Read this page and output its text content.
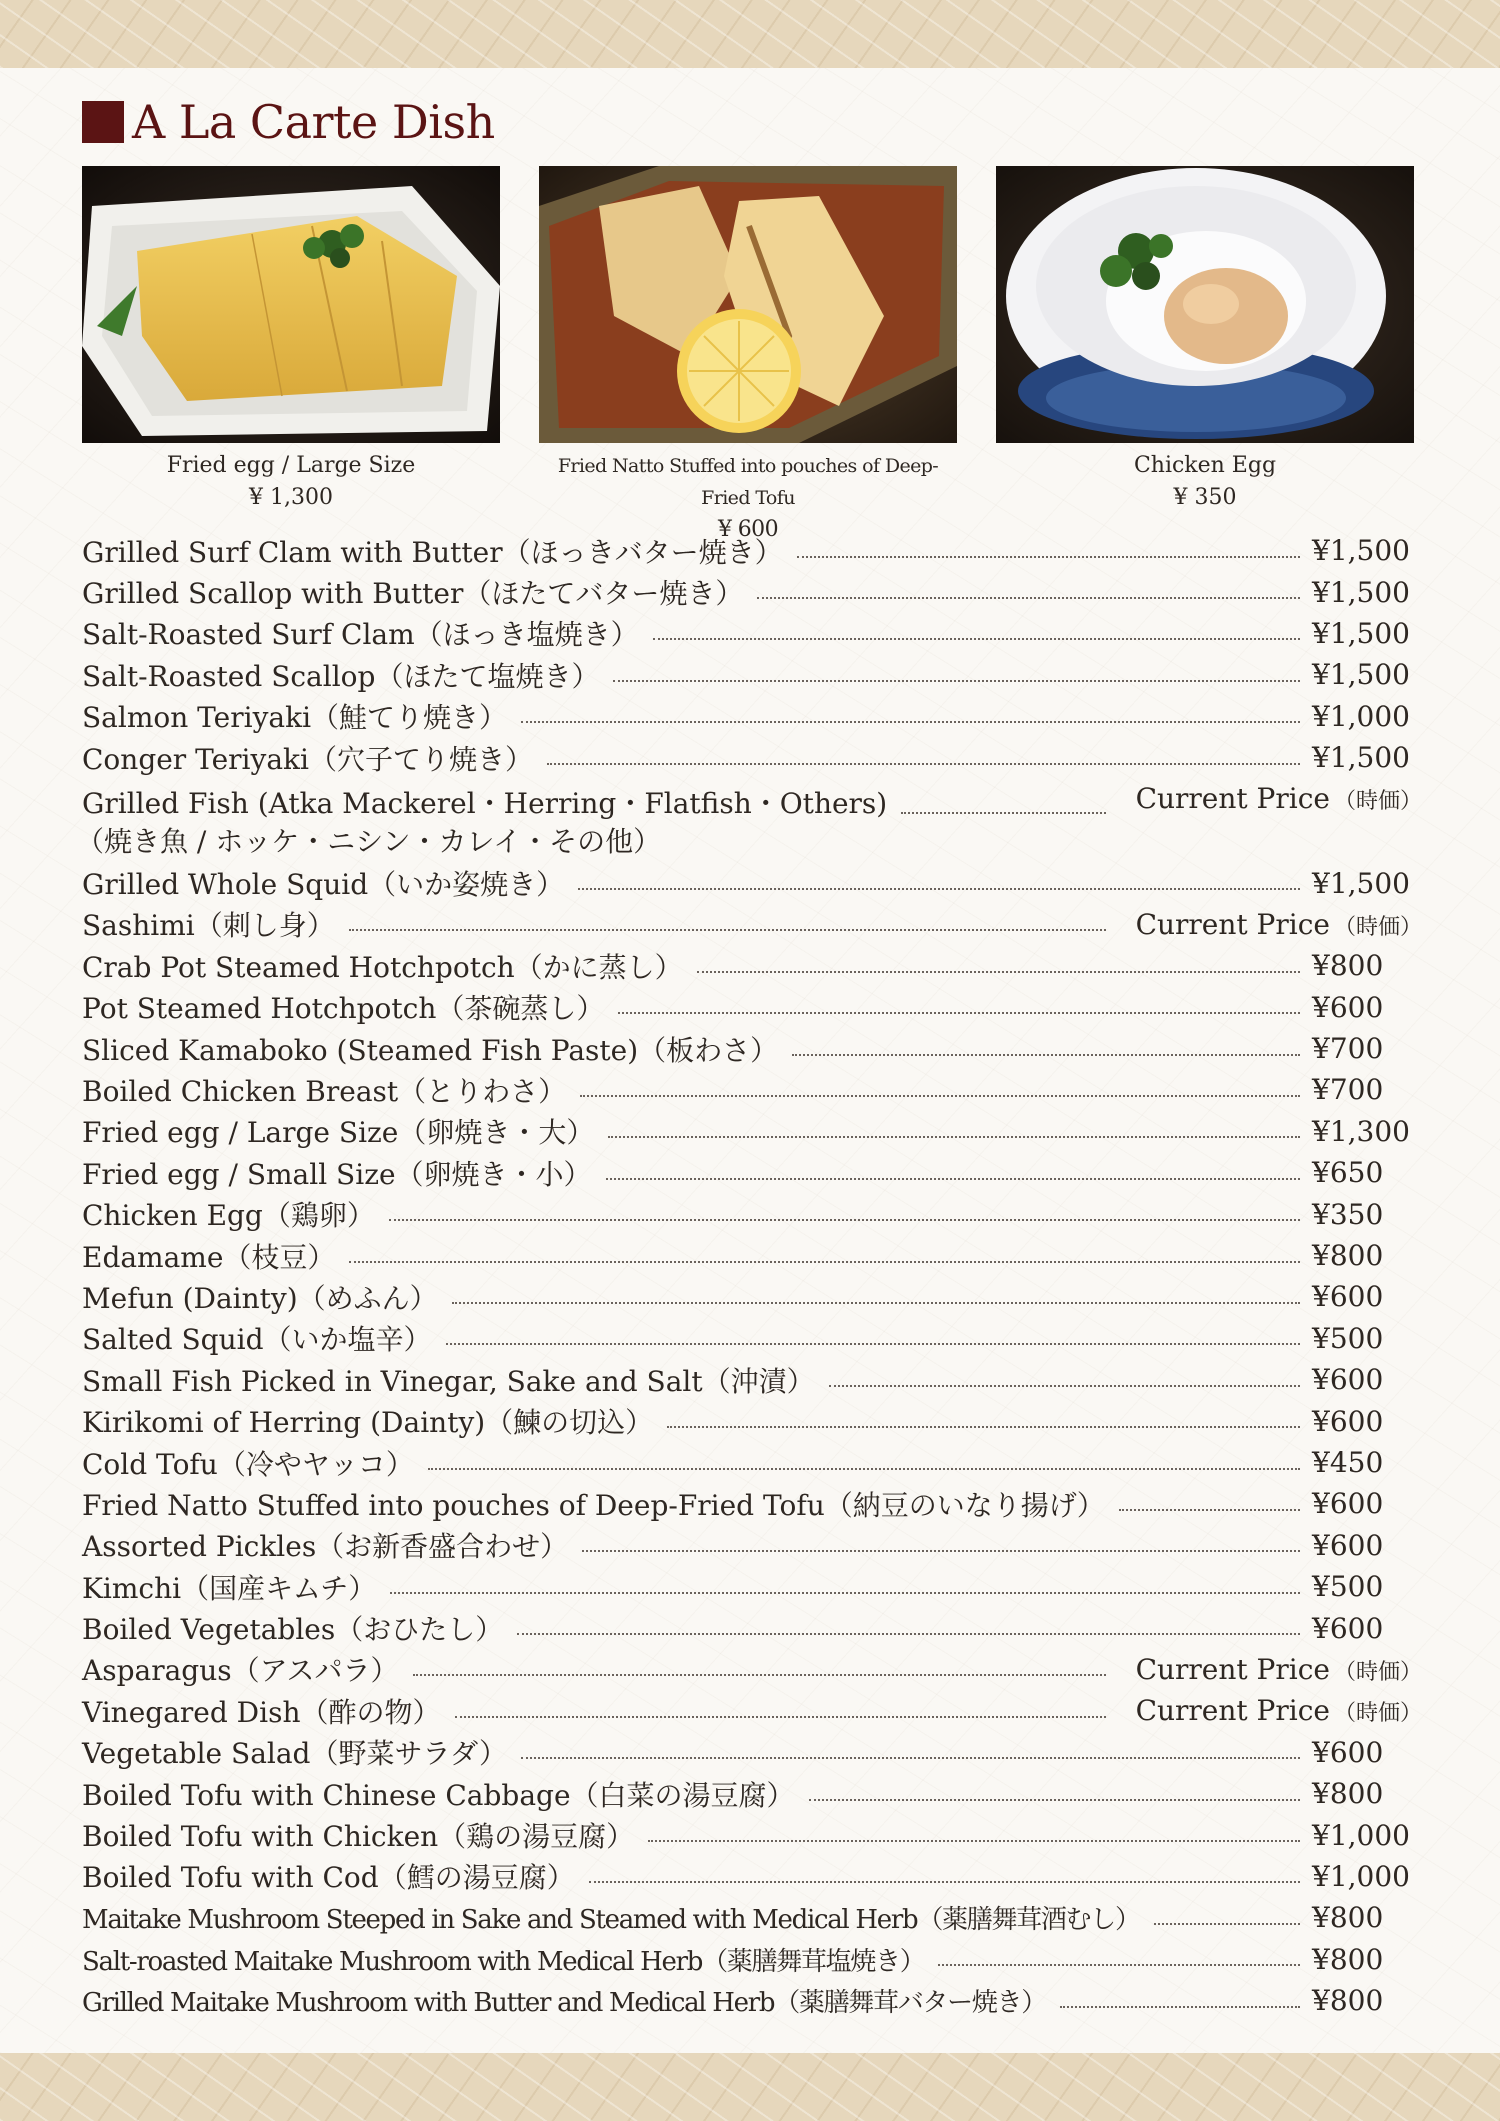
A La Carte Dish
Fried egg / Large Size
¥ 1,300
Fried Natto Stuffed into pouches of Deep-Fried Tofu
¥ 600
Chicken Egg
¥ 350
Grilled Surf Clam with Butter（ほっきバター焼き）	¥1,500
Grilled Scallop with Butter（ほたてバター焼き）	¥1,500
Salt-Roasted Surf Clam（ほっき塩焼き）	¥1,500
Salt-Roasted Scallop（ほたて塩焼き）	¥1,500
Salmon Teriyaki（鮭てり焼き）	¥1,000
Conger Teriyaki（穴子てり焼き）	¥1,500
Grilled Fish (Atka Mackerel・Herring・Flatfish・Others)	Current Price （時価）
（焼き魚 / ホッケ・ニシン・カレイ・その他）
Grilled Whole Squid（いか姿焼き）	¥1,500
Sashimi（刺し身）	Current Price （時価）
Crab Pot Steamed Hotchpotch（かに蒸し）	¥800
Pot Steamed Hotchpotch（茶碗蒸し）	¥600
Sliced Kamaboko (Steamed Fish Paste)（板わさ）	¥700
Boiled Chicken Breast（とりわさ）	¥700
Fried egg / Large Size（卵焼き・大）	¥1,300
Fried egg / Small Size（卵焼き・小）	¥650
Chicken Egg（鶏卵）	¥350
Edamame（枝豆）	¥800
Mefun (Dainty)（めふん）	¥600
Salted Squid（いか塩辛）	¥500
Small Fish Picked in Vinegar, Sake and Salt（沖漬）	¥600
Kirikomi of Herring (Dainty)（鰊の切込）	¥600
Cold Tofu（冷やヤッコ）	¥450
Fried Natto Stuffed into pouches of Deep-Fried Tofu（納豆のいなり揚げ）	¥600
Assorted Pickles（お新香盛合わせ）	¥600
Kimchi（国産キムチ）	¥500
Boiled Vegetables（おひたし）	¥600
Asparagus（アスパラ）	Current Price （時価）
Vinegared Dish（酢の物）	Current Price （時価）
Vegetable Salad（野菜サラダ）	¥600
Boiled Tofu with Chinese Cabbage（白菜の湯豆腐）	¥800
Boiled Tofu with Chicken（鶏の湯豆腐）	¥1,000
Boiled Tofu with Cod（鱈の湯豆腐）	¥1,000
Maitake Mushroom Steeped in Sake and Steamed with Medical Herb（薬膳舞茸酒むし）	¥800
Salt-roasted Maitake Mushroom with Medical Herb（薬膳舞茸塩焼き）	¥800
Grilled Maitake Mushroom with Butter and Medical Herb（薬膳舞茸バター焼き）	¥800
